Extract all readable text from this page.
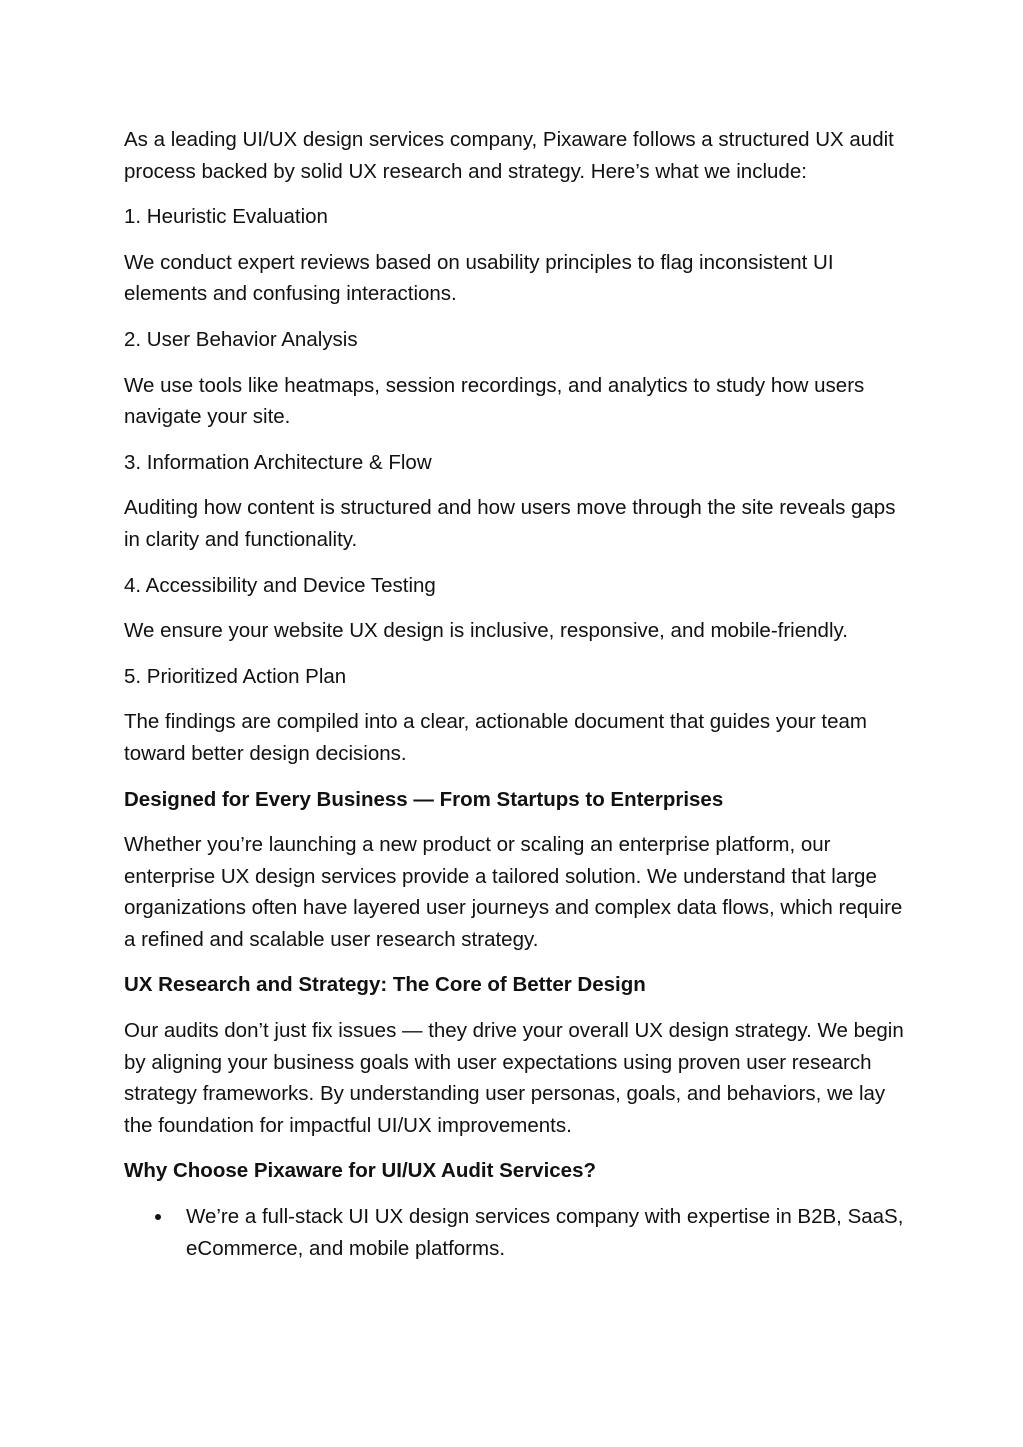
As a leading UI/UX design services company, Pixaware follows a structured UX audit process backed by solid UX research and strategy. Here’s what we include:

1. Heuristic Evaluation

We conduct expert reviews based on usability principles to flag inconsistent UI elements and confusing interactions.

2. User Behavior Analysis

We use tools like heatmaps, session recordings, and analytics to study how users navigate your site.

3. Information Architecture & Flow

Auditing how content is structured and how users move through the site reveals gaps in clarity and functionality.

4. Accessibility and Device Testing

We ensure your website UX design is inclusive, responsive, and mobile-friendly.

5. Prioritized Action Plan

The findings are compiled into a clear, actionable document that guides your team toward better design decisions.

Designed for Every Business — From Startups to Enterprises

Whether you’re launching a new product or scaling an enterprise platform, our enterprise UX design services provide a tailored solution. We understand that large organizations often have layered user journeys and complex data flows, which require a refined and scalable user research strategy.

UX Research and Strategy: The Core of Better Design

Our audits don’t just fix issues — they drive your overall UX design strategy. We begin by aligning your business goals with user expectations using proven user research strategy frameworks. By understanding user personas, goals, and behaviors, we lay the foundation for impactful UI/UX improvements.

Why Choose Pixaware for UI/UX Audit Services?

We’re a full-stack UI UX design services company with expertise in B2B, SaaS, eCommerce, and mobile platforms.
